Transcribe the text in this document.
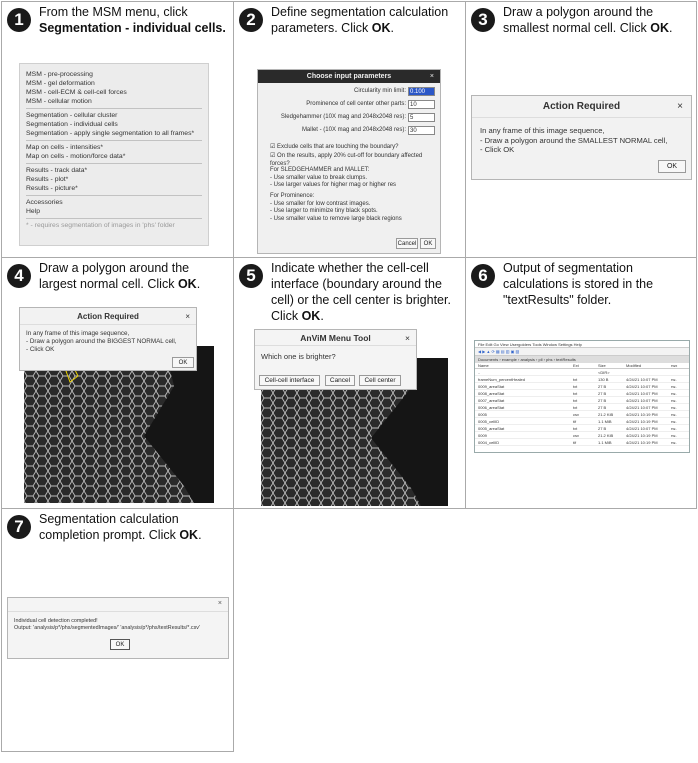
1	From the MSM menu, click Segmentation - individual cells.
MSM - pre-processing
MSM - gel deformation
MSM - cell-ECM & cell-cell forces
MSM - cellular motion
Segmentation - cellular cluster
Segmentation - individual cells
Segmentation - apply single segmentation to all frames*
Map on cells - intensities*
Map on cells - motion/force data*
Results - track data*
Results - plot*
Results - picture*
Accessories
Help
* - requires segmentation of images in 'phs' folder
2	Define segmentation calculation parameters. Click OK.
Choose input parameters	×
Circularity min limit: 0.100
Prominence of cell center other parts: 10
Sledgehammer (10X mag and 2048x2048 res): 5
Mallet - (10X mag and 2048x2048 res): 30
☑ Exclude cells that are touching the boundary?
☑ On the results, apply 20% cut-off for boundary affected forces?
For SLEDGEHAMMER and MALLET:
- Use smaller value to break clumps.
- Use larger values for higher mag or higher res
For Prominence:
- Use smaller for low contrast images.
- Use larger to minimize tiny black spots.
- Use smaller value to remove large black regions
Cancel	OK
3	Draw a polygon around the smallest normal cell. Click OK.
Action Required	×
In any frame of this image sequence,
- Draw a polygon around the SMALLEST NORMAL cell,
- Click OK
OK
4	Draw a polygon around the largest normal cell. Click OK.
Action Required	×
In any frame of this image sequence,
- Draw a polygon around the BIGGEST NORMAL cell,
- Click OK
OK
5	Indicate whether the cell-cell interface (boundary around the cell) or the cell center is brighter. Click OK.
AnViM Menu Tool	×
Which one is brighter?
Cell-cell interface	Cancel	Cell center
6	Output of segmentation calculations is stored in the "textResults" folder.
File Edit Go View Usergolders Tools Window Settings Help
◀ ▶ ▲ ⟳ ▦ ▤ ▥ ▣ ▧
Documents › example › analysis › pll › phs › textResults
Name	Ext	Size	Modified	rwx
..	<DIR>
frameNum_percentHealed	txt	130 B	4/24/21 10:07 PM	rw-
0009_areaStat	txt	27 B	4/24/21 10:07 PM	rw-
0008_areaStat	txt	27 B	4/24/21 10:07 PM	rw-
0007_areaStat	txt	27 B	4/24/21 10:07 PM	rw-
0006_areaStat	txt	27 B	4/24/21 10:07 PM	rw-
0005	csv	21.2 KiB	4/24/21 10:19 PM	rw-
0005_cellID	tif	1.1 MiB	4/24/21 10:19 PM	rw-
0005_areaStat	txt	27 B	4/24/21 10:07 PM	rw-
0009	csv	21.2 KiB	4/24/21 10:19 PM	rw-
0004_cellID	tif	1.1 MiB	4/24/21 10:19 PM	rw-
7	Segmentation calculation completion prompt. Click OK.
×
Individual cell detection completed!
Output: 'analysis/p*/phs/segmentedImages/' 'analysis/p*/phs/textResults/*.csv'
OK
